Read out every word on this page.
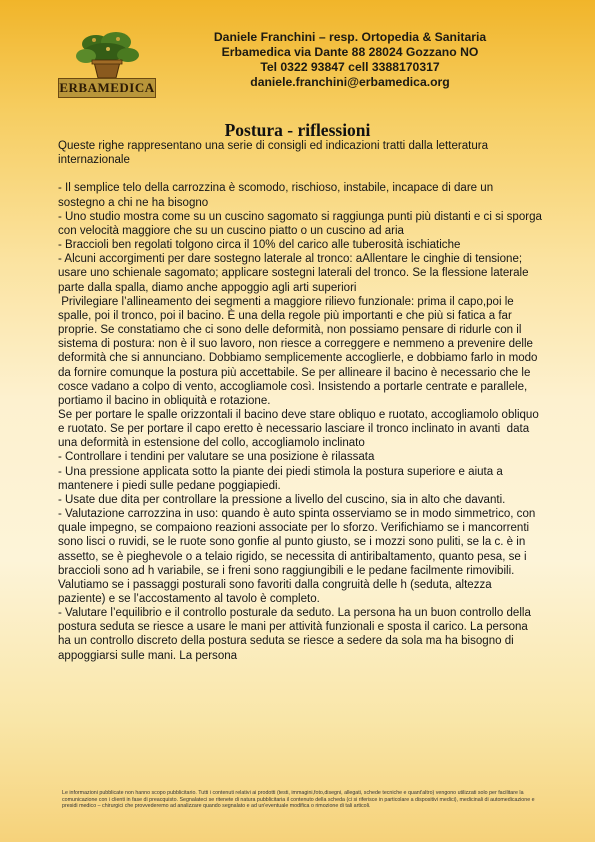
ERBAMEDICA
Daniele Franchini – resp. Ortopedia & Sanitaria
Erbamedica via Dante 88 28024 Gozzano NO
Tel 0322 93847 cell 3388170317
daniele.franchini@erbamedica.org
Postura - riflessioni

Queste righe rappresentano una serie di consigli ed indicazioni tratti dalla letteratura internazionale

- Il semplice telo della carrozzina è scomodo, rischioso, instabile, incapace di dare un sostegno a chi ne ha bisogno

- Uno studio mostra come su un cuscino sagomato si raggiunga punti più distanti e ci si sporga con velocità maggiore che su un cuscino piatto o un cuscino ad aria

- Braccioli ben regolati tolgono circa il 10% del carico alle tuberosità ischiatiche

- Alcuni accorgimenti per dare sostegno laterale al tronco: aAllentare le cinghie di tensione; usare uno schienale sagomato; applicare sostegni laterali del tronco. Se la flessione laterale parte dalla spalla, diamo anche appoggio agli arti superiori

Privilegiare l’allineamento dei segmenti a maggiore rilievo funzionale: prima il capo,poi le spalle, poi il tronco, poi il bacino. È una della regole più importanti e che più si fatica a far proprie. Se constatiamo che ci sono delle deformità, non possiamo pensare di ridurle con il sistema di postura: non è il suo lavoro, non riesce a correggere e nemmeno a prevenire delle deformità che si annunciano. Dobbiamo semplicemente accoglierle, e dobbiamo farlo in modo da fornire comunque la postura più accettabile. Se per allineare il bacino è necessario che le cosce vadano a colpo di vento, accogliamole così. Insistendo a portarle centrate e parallele, portiamo il bacino in obliquità e rotazione.

Se per portare le spalle orizzontali il bacino deve stare obliquo e ruotato, accogliamolo obliquo e ruotato. Se per portare il capo eretto è necessario lasciare il tronco inclinato in avanti  data una deformità in estensione del collo, accogliamolo inclinato

- Controllare i tendini per valutare se una posizione è rilassata

- Una pressione applicata sotto la piante dei piedi stimola la postura superiore e aiuta a mantenere i piedi sulle pedane poggiapiedi.

- Usate due dita per controllare la pressione a livello del cuscino, sia in alto che davanti.

- Valutazione carrozzina in uso: quando è auto spinta osserviamo se in modo simmetrico, con quale impegno, se compaiono reazioni associate per lo sforzo. Verifichiamo se i mancorrenti sono lisci o ruvidi, se le ruote sono gonfie al punto giusto, se i mozzi sono puliti, se la c. è in assetto, se è pieghevole o a telaio rigido, se necessita di antiribaltamento, quanto pesa, se i braccioli sono ad h variabile, se i freni sono raggiungibili e le pedane facilmente rimovibili. Valutiamo se i passaggi posturali sono favoriti dalla congruità delle h (seduta, altezza paziente) e se l’accostamento al tavolo è completo.

- Valutare l’equilibrio e il controllo posturale da seduto. La persona ha un buon controllo della postura seduta se riesce a usare le mani per attività funzionali e sposta il carico. La persona ha un controllo discreto della postura seduta se riesce a sedere da sola ma ha bisogno di appoggiarsi sulle mani. La persona

Le informazioni pubblicate non hanno scopo pubblicitario. Tutti i contenuti relativi ai prodotti (testi, immagini,foto,disegni, allegati, schede tecniche e quant'altro) vengono utilizzati solo per facilitare la comunicazione con i clienti in fase di preacquisto. Segnalateci se ritenete di natura pubblicitaria il contenuto della scheda (ci si riferisce in particolare a dispositivi medici), medicinali di automedicazione e presidi medico – chirurgici che provvederemo ad analizzare quando segnalato e ad un'eventuale modifica o rimozione di tali articoli.
